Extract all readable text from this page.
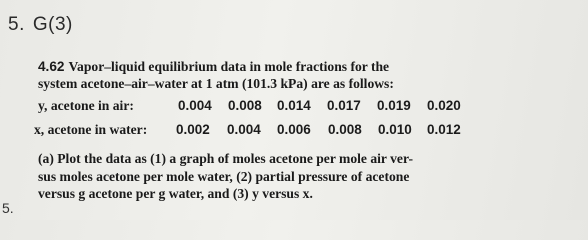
5. G(3)
4.62 Vapor–liquid equilibrium data in mole fractions for the
system acetone–air–water at 1 atm (101.3 kPa) are as follows:
y, acetone in air:	0.004 0.008 0.014 0.017 0.019 0.020
x, acetone in water: 0.002 0.004 0.006 0.008 0.010 0.012
(a) Plot the data as (1) a graph of moles acetone per mole air ver-
sus moles acetone per mole water, (2) partial pressure of acetone
versus g acetone per g water, and (3) y versus x.
5.
